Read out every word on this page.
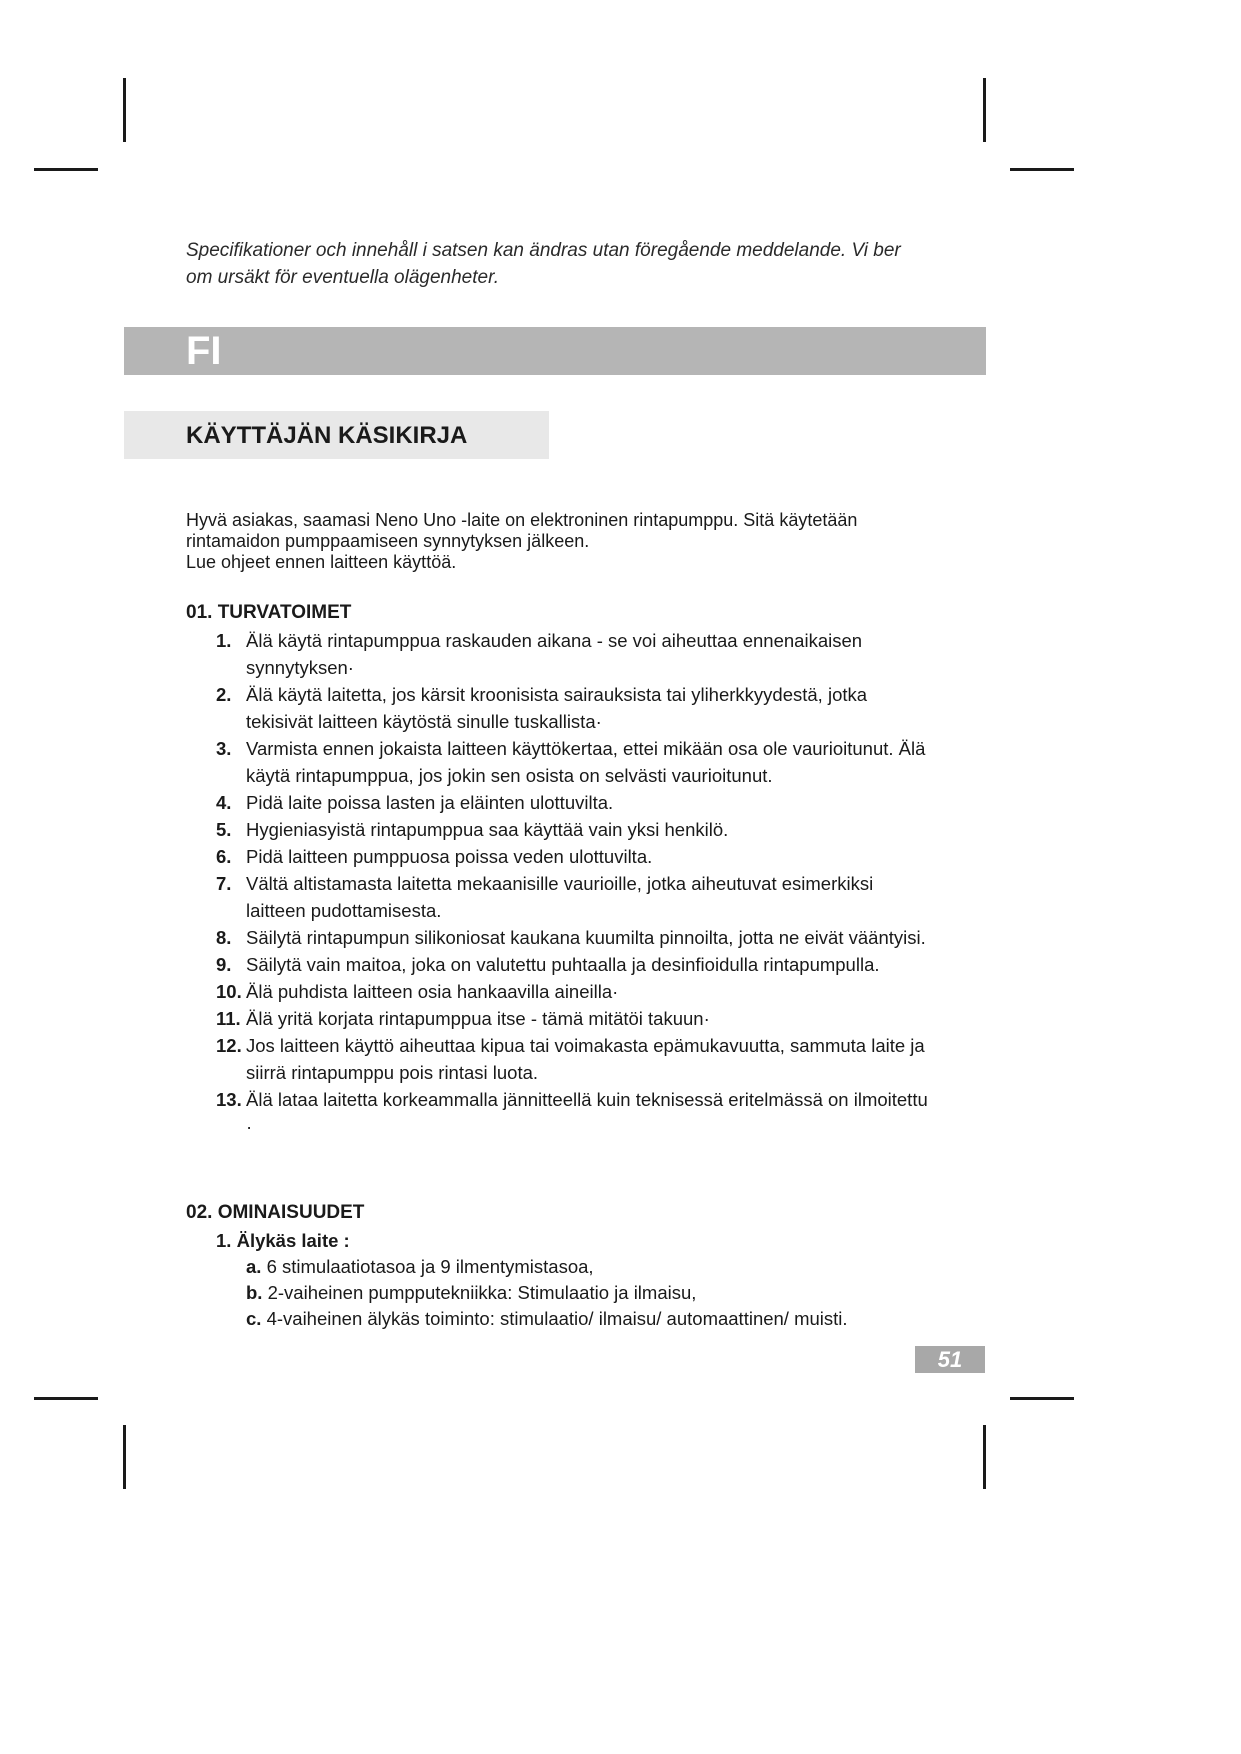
Specifikationer och innehåll i satsen kan ändras utan föregående meddelande. Vi ber om ursäkt för eventuella olägenheter.
FI
KÄYTTÄJÄN KÄSIKIRJA

Hyvä asiakas, saamasi Neno Uno -laite on elektroninen rintapumppu. Sitä käytetään rintamaidon pumppaamiseen synnytyksen jälkeen.

Lue ohjeet ennen laitteen käyttöä.

01. TURVATOIMET
1. Älä käytä rintapumppua raskauden aikana - se voi aiheuttaa ennenaikaisen synnytyksen·
2. Älä käytä laitetta, jos kärsit kroonisista sairauksista tai yliherkkyydestä, jotka tekisivät laitteen käytöstä sinulle tuskallista·
3. Varmista ennen jokaista laitteen käyttökertaa, ettei mikään osa ole vaurioitunut. Älä käytä rintapumppua, jos jokin sen osista on selvästi vaurioitunut.
4. Pidä laite poissa lasten ja eläinten ulottuvilta.
5. Hygieniasyistä rintapumppua saa käyttää vain yksi henkilö.
6. Pidä laitteen pumppuosa poissa veden ulottuvilta.
7. Vältä altistamasta laitetta mekaanisille vaurioille, jotka aiheutuvat esimerkiksi laitteen pudottamisesta.
8. Säilytä rintapumpun silikoniosat kaukana kuumilta pinnoilta, jotta ne eivät vääntyisi.
9. Säilytä vain maitoa, joka on valutettu puhtaalla ja desinfioidulla rintapumpulla.
10. Älä puhdista laitteen osia hankaavilla aineilla·
11. Älä yritä korjata rintapumppua itse - tämä mitätöi takuun·
12. Jos laitteen käyttö aiheuttaa kipua tai voimakasta epämukavuutta, sammuta laite ja siirrä rintapumppu pois rintasi luota.
13. Älä lataa laitetta korkeammalla jännitteellä kuin teknisessä eritelmässä on ilmoitettu ·
02. OMINAISUUDET
1. Älykäs laite :
a. 6 stimulaatiotasoa ja 9 ilmentymistasoa,
b. 2-vaiheinen pumpputekniikka: Stimulaatio ja ilmaisu,
c. 4-vaiheinen älykäs toiminto: stimulaatio/ ilmaisu/ automaattinen/ muisti.
51
